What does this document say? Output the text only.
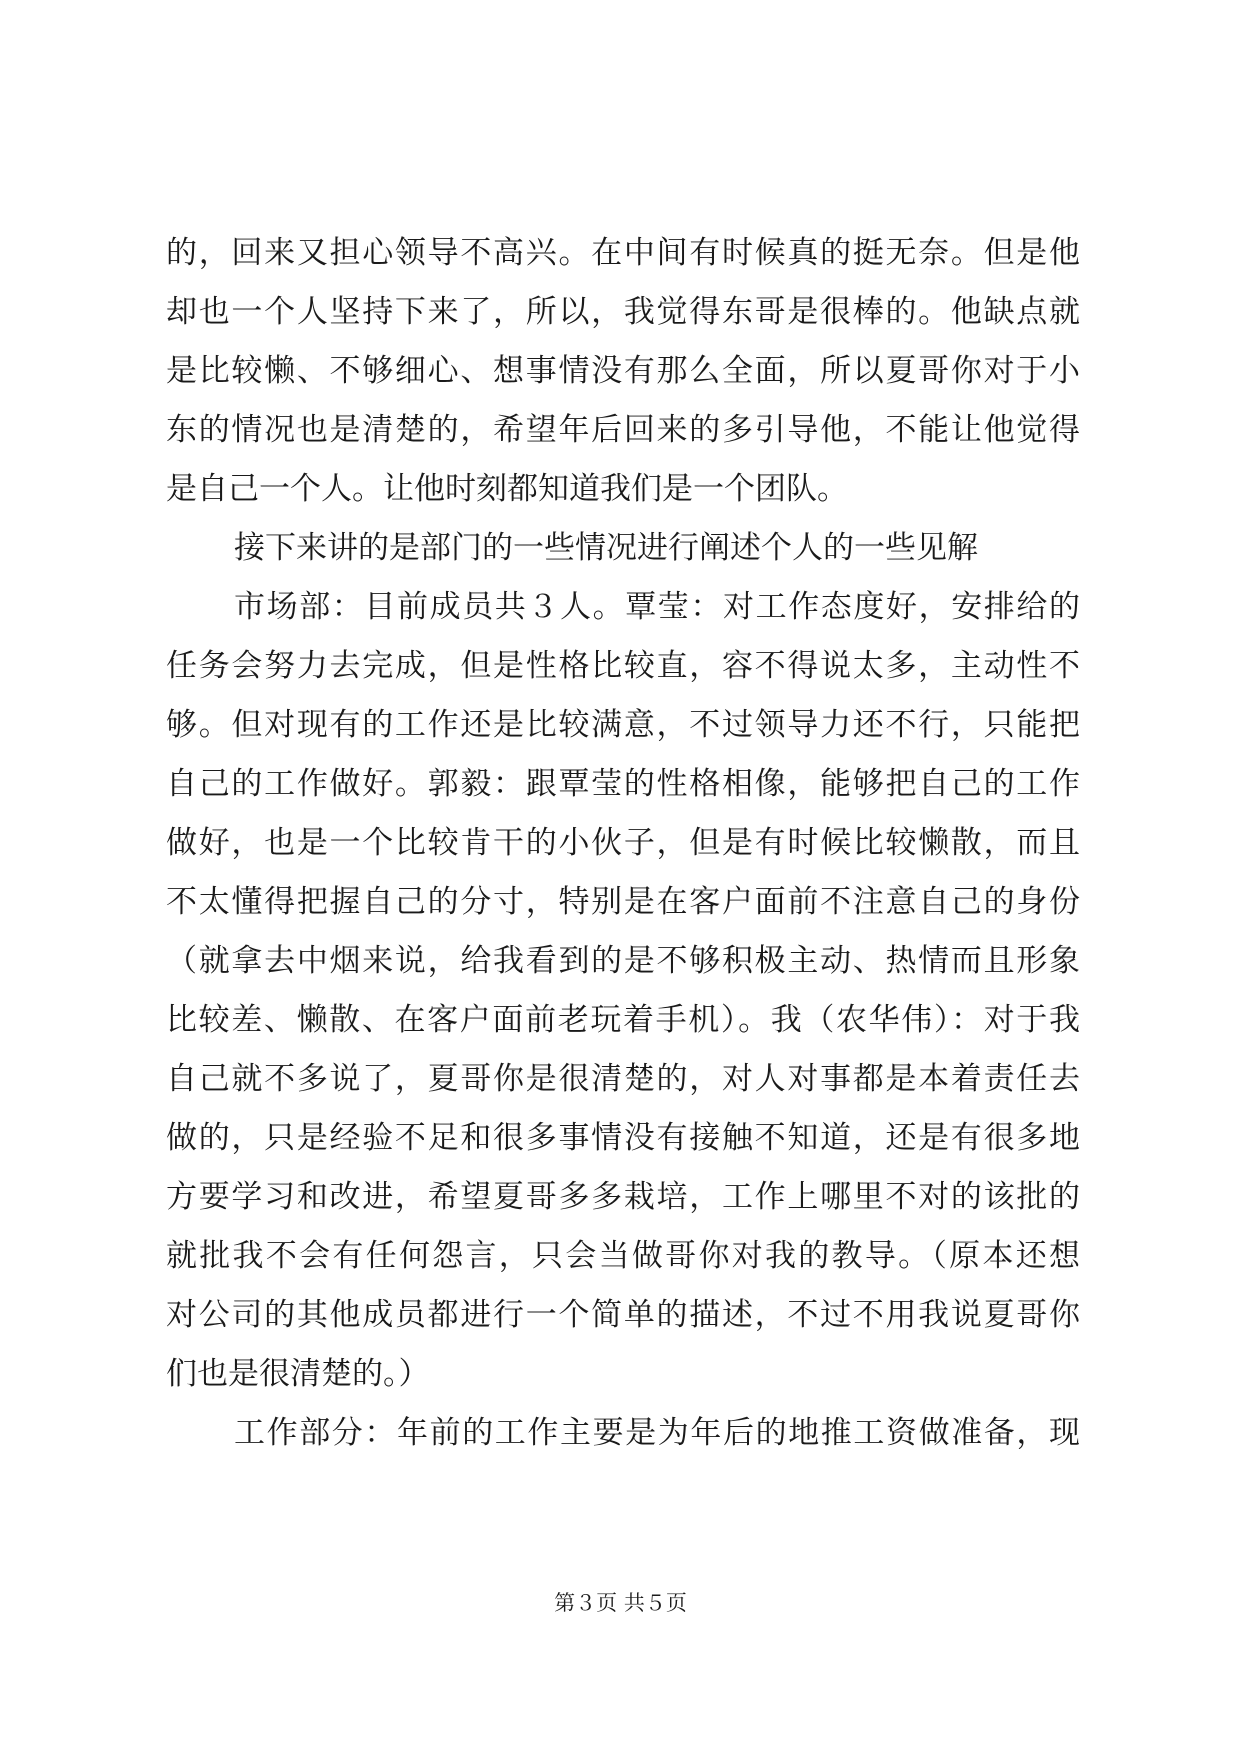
的，回来又担心领导不高兴。在中间有时候真的挺无奈。但是他
却也一个人坚持下来了，所以，我觉得东哥是很棒的。他缺点就
是比较懒、不够细心、想事情没有那么全面，所以夏哥你对于小
东的情况也是清楚的，希望年后回来的多引导他，不能让他觉得
是自己一个人。让他时刻都知道我们是一个团队。
接下来讲的是部门的一些情况进行阐述个人的一些见解
市场部：目前成员共３人。覃莹：对工作态度好，安排给的
任务会努力去完成，但是性格比较直，容不得说太多，主动性不
够。但对现有的工作还是比较满意，不过领导力还不行，只能把
自己的工作做好。郭毅：跟覃莹的性格相像，能够把自己的工作
做好，也是一个比较肯干的小伙子，但是有时候比较懒散，而且
不太懂得把握自己的分寸，特别是在客户面前不注意自己的身份
（就拿去中烟来说，给我看到的是不够积极主动、热情而且形象
比较差、懒散、在客户面前老玩着手机）。我（农华伟）：对于我
自己就不多说了，夏哥你是很清楚的，对人对事都是本着责任去
做的，只是经验不足和很多事情没有接触不知道，还是有很多地
方要学习和改进，希望夏哥多多栽培，工作上哪里不对的该批的
就批我不会有任何怨言，只会当做哥你对我的教导。（原本还想
对公司的其他成员都进行一个简单的描述，不过不用我说夏哥你
们也是很清楚的。）
工作部分：年前的工作主要是为年后的地推工资做准备，现
第３页 共５页
